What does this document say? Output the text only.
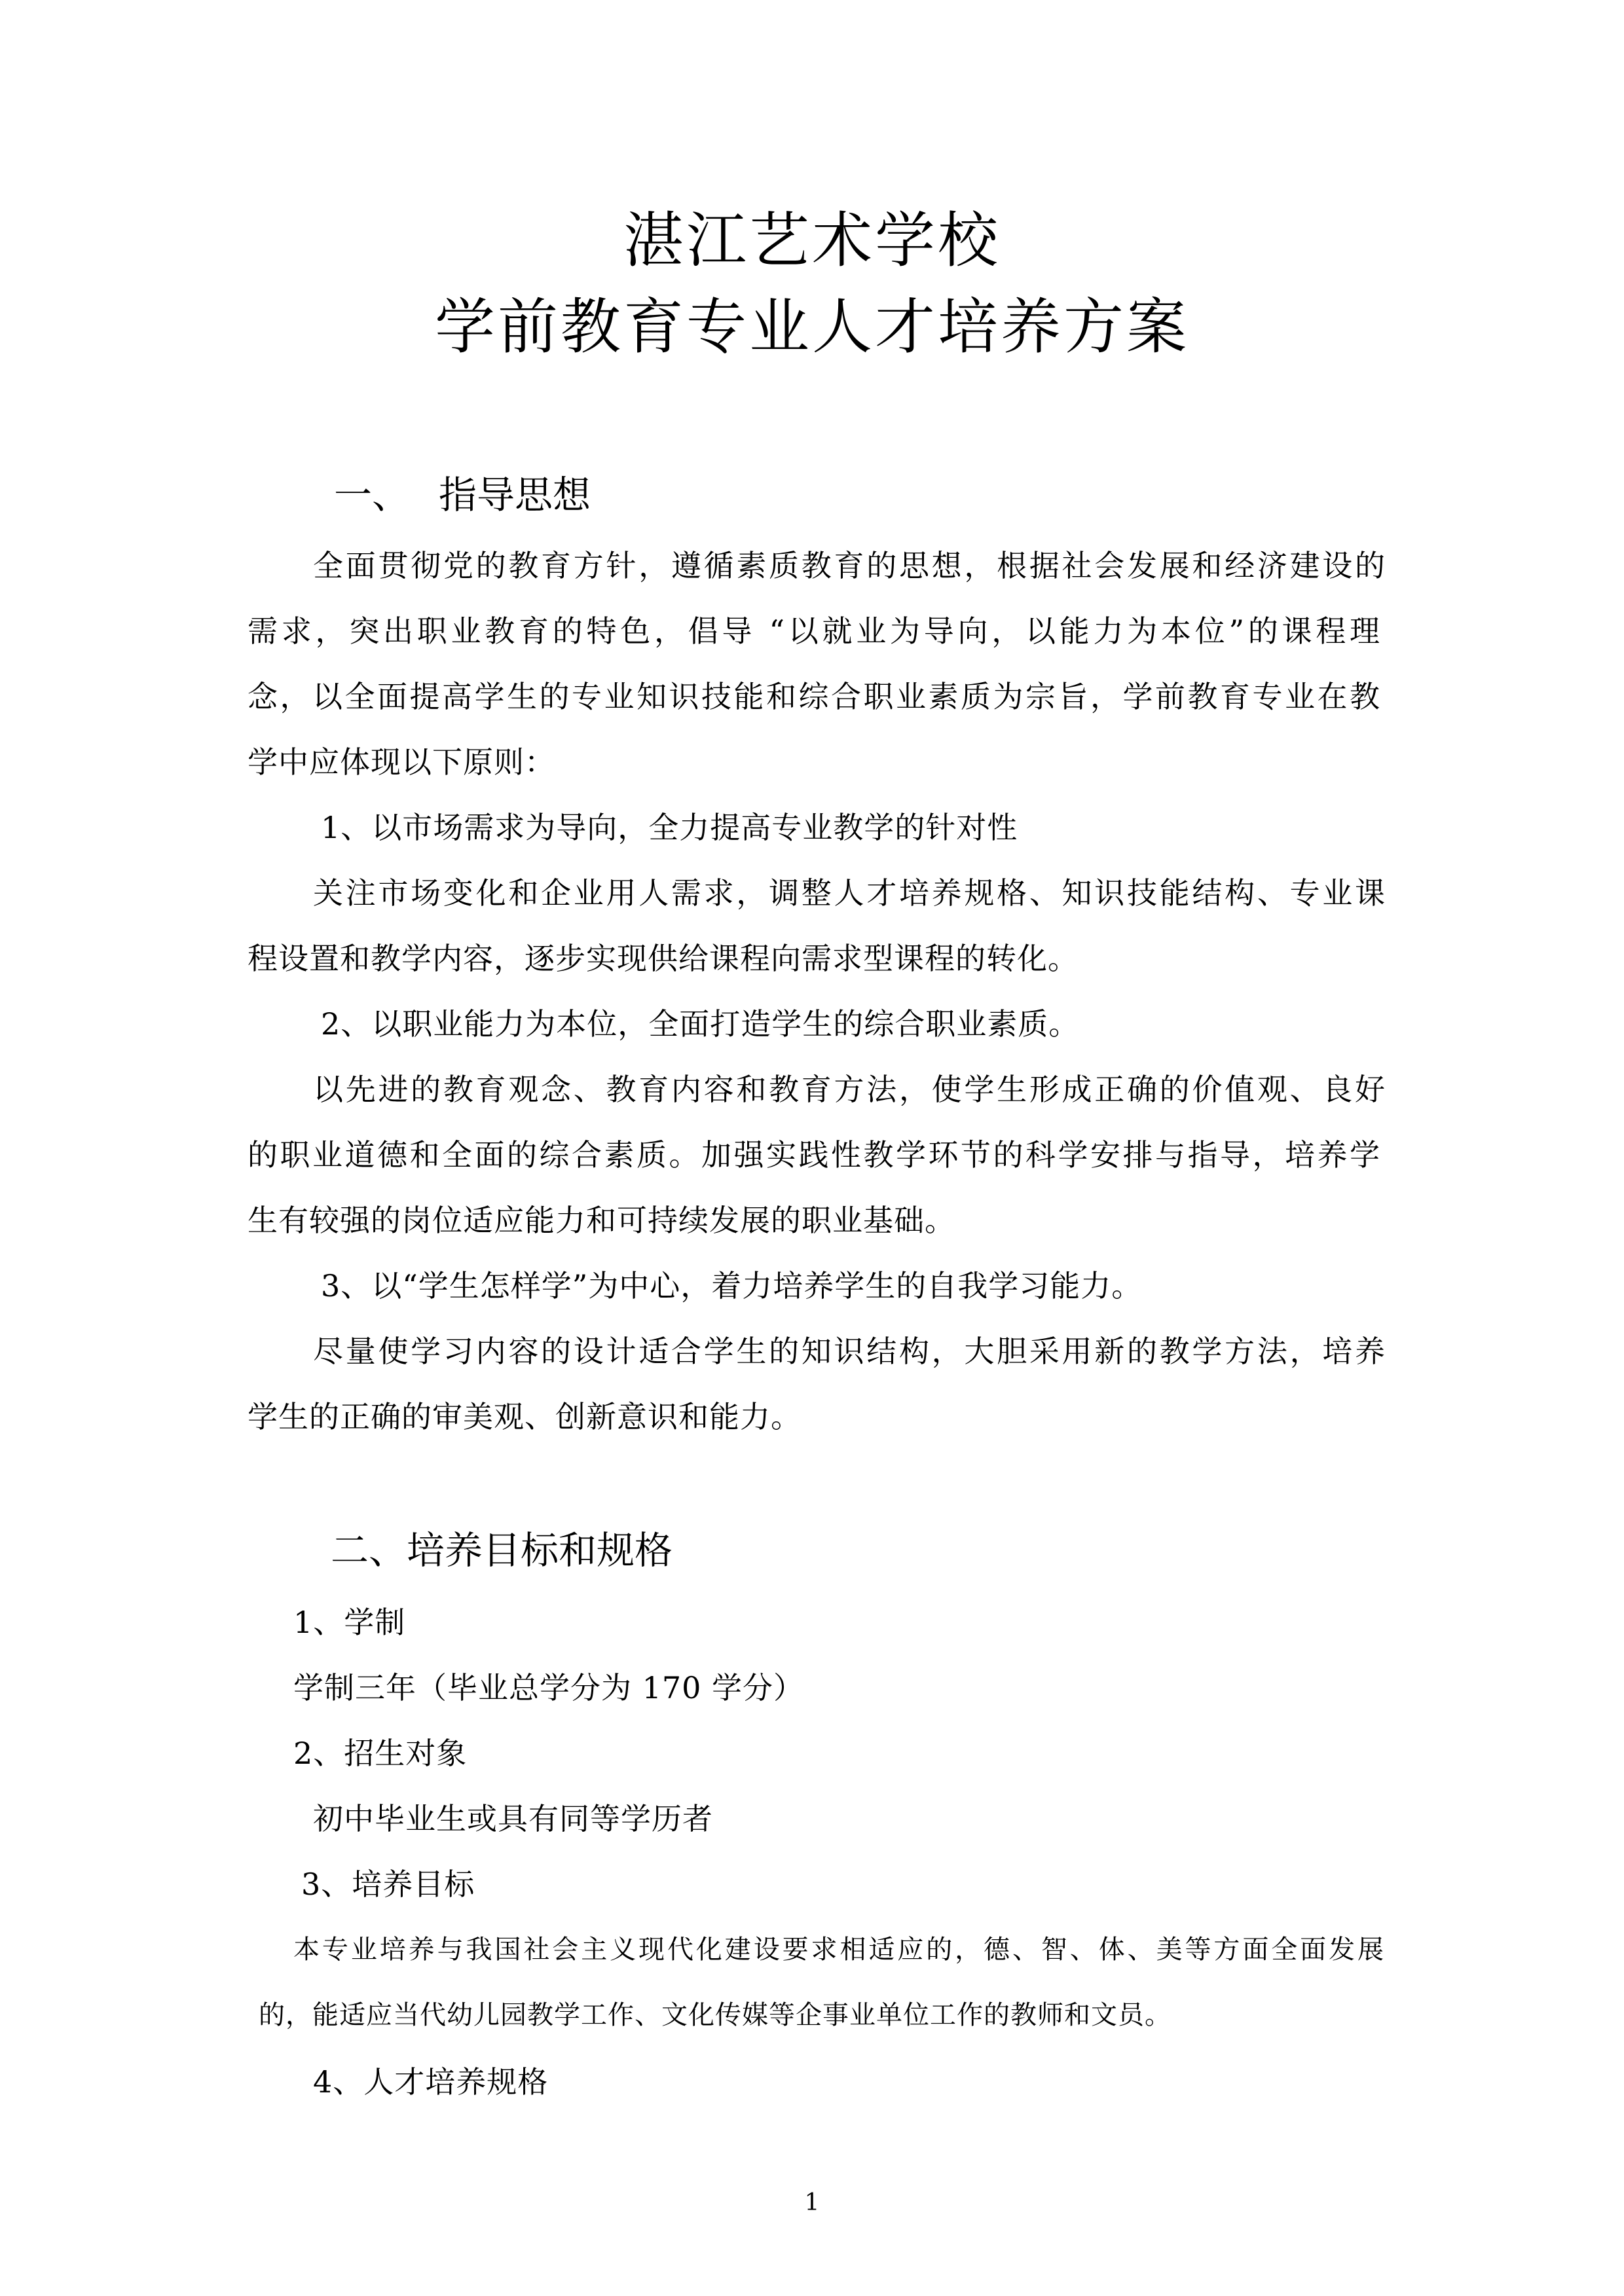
湛江艺术学校
学前教育专业人才培养方案
一、 指导思想
全面贯彻党的教育方针，遵循素质教育的思想，根据社会发展和经济建设的
需求，突出职业教育的特色，倡导 “以就业为导向，以能力为本位”的课程理
念，以全面提高学生的专业知识技能和综合职业素质为宗旨，学前教育专业在教
学中应体现以下原则：
1、以市场需求为导向，全力提高专业教学的针对性
关注市场变化和企业用人需求，调整人才培养规格、知识技能结构、专业课
程设置和教学内容，逐步实现供给课程向需求型课程的转化。
2、以职业能力为本位，全面打造学生的综合职业素质。
以先进的教育观念、教育内容和教育方法，使学生形成正确的价值观、良好
的职业道德和全面的综合素质。加强实践性教学环节的科学安排与指导，培养学
生有较强的岗位适应能力和可持续发展的职业基础。
3、以“学生怎样学”为中心，着力培养学生的自我学习能力。
尽量使学习内容的设计适合学生的知识结构，大胆采用新的教学方法，培养
学生的正确的审美观、创新意识和能力。
二、培养目标和规格
1、学制
学制三年（毕业总学分为 170 学分）
2、招生对象
初中毕业生或具有同等学历者
3、培养目标
本专业培养与我国社会主义现代化建设要求相适应的，德、智、体、美等方面全面发展
的，能适应当代幼儿园教学工作、文化传媒等企事业单位工作的教师和文员。
4、人才培养规格
1
